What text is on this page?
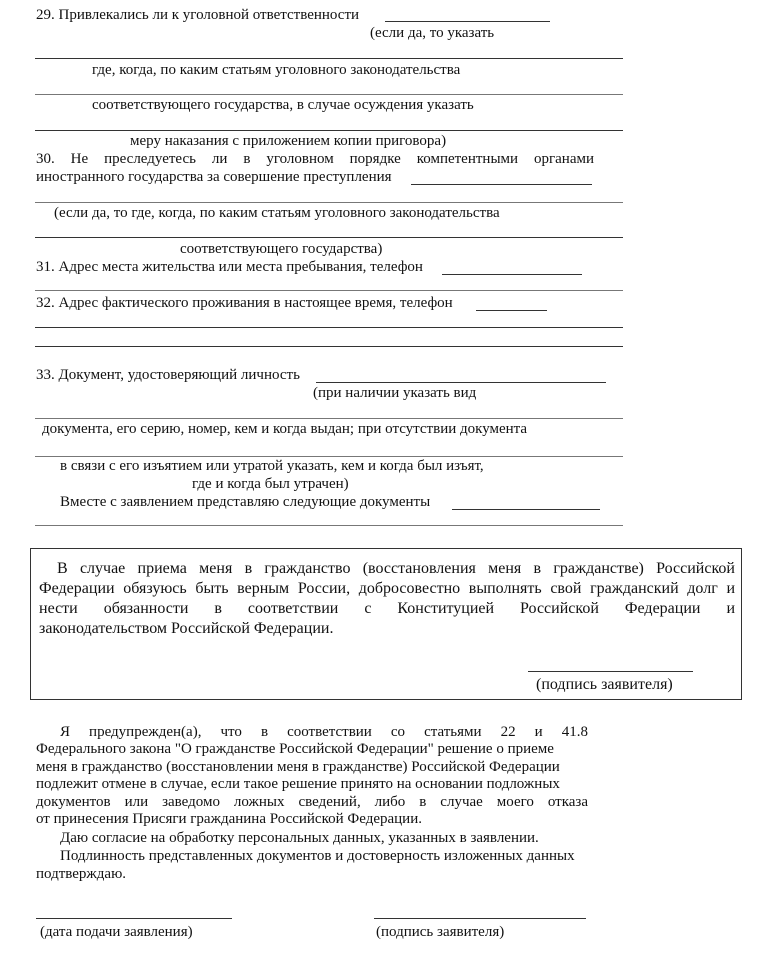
29. Привлекались ли к уголовной ответственности
(если да, то указать
где, когда, по каким статьям уголовного законодательства
соответствующего государства, в случае осуждения указать
меру наказания с приложением копии приговора)
30. Не преследуетесь ли в уголовном порядке компетентными органами
иностранного государства за совершение преступления
(если да, то где, когда, по каким статьям уголовного законодательства
соответствующего государства)
31. Адрес места жительства или места пребывания, телефон
32. Адрес фактического проживания в настоящее время, телефон
33. Документ, удостоверяющий личность
(при наличии указать вид
документа, его серию, номер, кем и когда выдан; при отсутствии документа
в связи с его изъятием или утратой указать, кем и когда был изъят,
где и когда был утрачен)
Вместе с заявлением представляю следующие документы
В случае приема меня в гражданство (восстановления меня в гражданстве) Российской
Федерации обязуюсь быть верным России, добросовестно выполнять свой гражданский долг и
нести обязанности в соответствии с Конституцией Российской Федерации и
законодательством Российской Федерации.
(подпись заявителя)
Я предупрежден(а), что в соответствии со статьями 22 и 41.8
Федерального закона "О гражданстве Российской Федерации" решение о приеме
меня в гражданство (восстановлении меня в гражданстве) Российской Федерации
подлежит отмене в случае, если такое решение принято на основании подложных
документов или заведомо ложных сведений, либо в случае моего отказа
от принесения Присяги гражданина Российской Федерации.
Даю согласие на обработку персональных данных, указанных в заявлении.
Подлинность представленных документов и достоверность изложенных данных
подтверждаю.
(дата подачи заявления)	(подпись заявителя)
